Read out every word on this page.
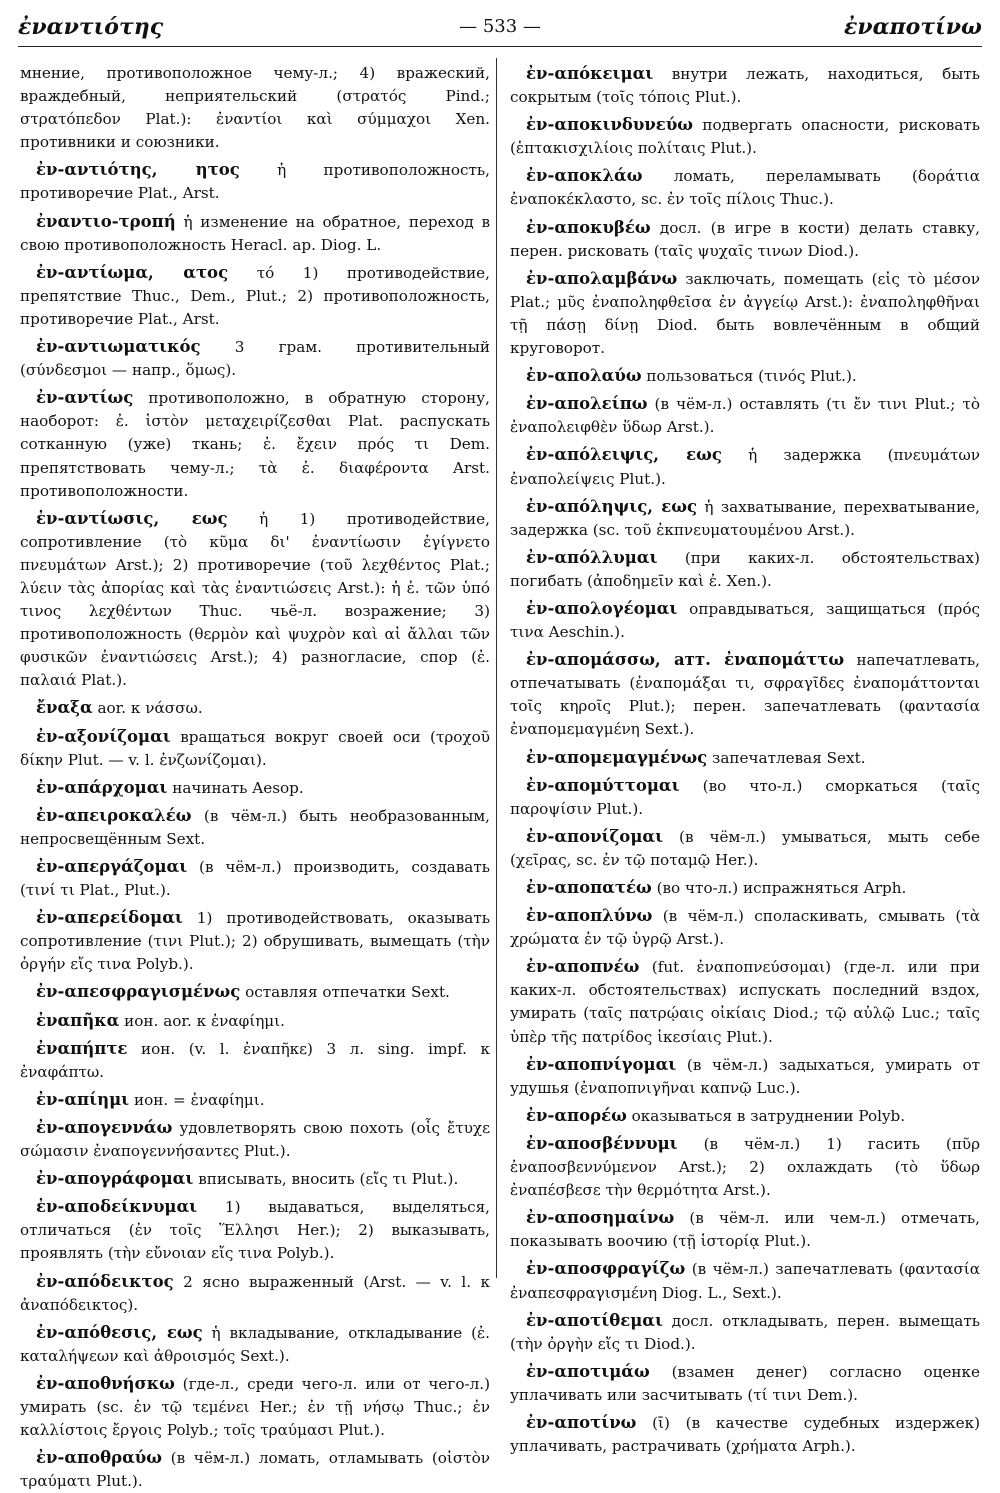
ἐναντιότης	— 533 —	ἐναποτίνω

мнение, противоположное чему-л.; 4) вражеский, враждебный, неприятельский (στρατός Pind.; στρατόπεδον Plat.): ἐναντίοι καὶ σύμμαχοι Xen. противники и союзники.

ἐν-αντιότης, ητος ἡ противоположность, противоречие Plat., Arst.

ἐναντιο-τροπή ἡ изменение на обратное, переход в свою противоположность Heracl. ap. Diog. L.

ἐν-αντίωμα, ατος τό 1) противодействие, препятствие Thuc., Dem., Plut.; 2) противоположность, противоречие Plat., Arst.

ἐν-αντιωματικός 3 грам. противительный (σύνδεσμοι — напр., ὅμως).

ἐν-αντίως противоположно, в обратную сторону, наоборот: ἐ. ἱστὸν μεταχειρίζεσθαι Plat. распускать сотканную (уже) ткань; ἐ. ἔχειν πρός τι Dem. препятствовать чему-л.; τὰ ἐ. διαφέροντα Arst. противоположности.

ἐν-αντίωσις, εως ἡ 1) противодействие, сопротивление (τὸ κῦμα δι' ἐναντίωσιν ἐγίγνετο πνευμάτων Arst.); 2) противоречие (τοῦ λεχθέντος Plat.; λύειν τὰς ἀπορίας καὶ τὰς ἐναντιώσεις Arst.): ἡ ἐ. τῶν ὑπό τινος λεχθέντων Thuc. чьё-л. возражение; 3) противоположность (θερμὸν καὶ ψυχρὸν καὶ αἱ ἄλλαι τῶν φυσικῶν ἐναντιώσεις Arst.); 4) разногласие, спор (ἐ. παλαιά Plat.).

ἔναξα aor. к νάσσω.

ἐν-αξονίζομαι вращаться вокруг своей оси (τροχοῦ δίκην Plut. — v. l. ἐνζωνίζομαι).

ἐν-απάρχομαι начинать Aesop.

ἐν-απειροκαλέω (в чём-л.) быть необразованным, непросвещённым Sext.

ἐν-απεργάζομαι (в чём-л.) производить, создавать (τινί τι Plat., Plut.).

ἐν-απερείδομαι 1) противодействовать, оказывать сопротивление (τινι Plut.); 2) обрушивать, вымещать (τὴν ὀργήν εἴς τινα Polyb.).

ἐν-απεσφραγισμένως оставляя отпечатки Sext.

ἐναπῆκα ион. aor. к ἐναφίημι.

ἐναπήπτε ион. (v. l. ἐναπῆκε) 3 л. sing. impf. к ἐναφάπτω.

ἐν-απίημι ион. = ἐναφίημι.

ἐν-απογεννάω удовлетворять свою похоть (οἷς ἔτυχε σώμασιν ἐναπογεννήσαντες Plut.).

ἐν-απογράφομαι вписывать, вносить (εἴς τι Plut.).

ἐν-αποδείκνυμαι 1) выдаваться, выделяться, отличаться (ἐν τοῖς Ἕλλησι Her.); 2) выказывать, проявлять (τὴν εὔνοιαν εἴς τινα Polyb.).

ἐν-απόδεικτος 2 ясно выраженный (Arst. — v. l. к ἀναπόδεικτος).

ἐν-απόθεσις, εως ἡ вкладывание, откладывание (ἐ. καταλήψεων καὶ ἀθροισμός Sext.).

ἐν-αποθνήσκω (где-л., среди чего-л. или от чего-л.) умирать (sc. ἐν τῷ τεμένει Her.; ἐν τῇ νήσῳ Thuc.; ἐν καλλίστοις ἔργοις Polyb.; τοῖς τραύμασι Plut.).

ἐν-αποθραύω (в чём-л.) ломать, отламывать (οἰστὸν τραύματι Plut.).

ἐν-απόκειμαι внутри лежать, находиться, быть сокрытым (τοῖς τόποις Plut.).

ἐν-αποκινδυνεύω подвергать опасности, рисковать (ἑπτακισχιλίοις πολίταις Plut.).

ἐν-αποκλάω ломать, переламывать (δοράτια ἐναποκέκλαστο, sc. ἐν τοῖς πίλοις Thuc.).

ἐν-αποκυβέω досл. (в игре в кости) делать ставку, перен. рисковать (ταῖς ψυχαῖς τινων Diod.).

ἐν-απολαμβάνω заключать, помещать (εἰς τὸ μέσον Plat.; μῦς ἐναποληφθεῖσα ἐν ἀγγείῳ Arst.): ἐναποληφθῆναι τῇ πάσῃ δίνῃ Diod. быть вовлечённым в общий круговорот.

ἐν-απολαύω пользоваться (τινός Plut.).

ἐν-απολείπω (в чём-л.) оставлять (τι ἔν τινι Plut.; τὸ ἐναπολειφθὲν ὕδωρ Arst.).

ἐν-απόλειψις, εως ἡ задержка (πνευμάτων ἐναπολείψεις Plut.).

ἐν-απόληψις, εως ἡ захватывание, перехватывание, задержка (sc. τοῦ ἐκπνευματουμένου Arst.).

ἐν-απόλλυμαι (при каких-л. обстоятельствах) погибать (ἀποδημεῖν καὶ ἐ. Xen.).

ἐν-απολογέομαι оправдываться, защищаться (πρός τινα Aeschin.).

ἐν-απομάσσω, атт. ἐναπομάττω напечатлевать, отпечатывать (ἐναπομάξαι τι, σφραγῖδες ἐναπομάττονται τοῖς κηροῖς Plut.); перен. запечатлевать (φαντασία ἐναπομεμαγμένη Sext.).

ἐν-απομεμαγμένως запечатлевая Sext.

ἐν-απομύττομαι (во что-л.) сморкаться (ταῖς παροψίσιν Plut.).

ἐν-απονίζομαι (в чём-л.) умываться, мыть себе (χεῖρας, sc. ἐν τῷ ποταμῷ Her.).

ἐν-αποπατέω (во что-л.) испражняться Arph.

ἐν-αποπλύνω (в чём-л.) споласкивать, смывать (τὰ χρώματα ἐν τῷ ὑγρῷ Arst.).

ἐν-αποπνέω (fut. ἐναποπνεύσομαι) (где-л. или при каких-л. обстоятельствах) испускать последний вздох, умирать (ταῖς πατρῴαις οἰκίαις Diod.; τῷ αὐλῷ Luc.; ταῖς ὑπὲρ τῆς πατρίδος ἱκεσίαις Plut.).

ἐν-αποπνίγομαι (в чём-л.) задыхаться, умирать от удушья (ἐναποπνιγῆναι καπνῷ Luc.).

ἐν-απορέω оказываться в затруднении Polyb.

ἐν-αποσβέννυμι (в чём-л.) 1) гасить (πῦρ ἐναποσβεννύμενον Arst.); 2) охлаждать (τὸ ὕδωρ ἐναπέσβεσε τὴν θερμότητα Arst.).

ἐν-αποσημαίνω (в чём-л. или чем-л.) отмечать, показывать воочию (τῇ ἱστορίᾳ Plut.).

ἐν-αποσφραγίζω (в чём-л.) запечатлевать (φαντασία ἐναπεσφραγισμένη Diog. L., Sext.).

ἐν-αποτίθεμαι досл. откладывать, перен. вымещать (τὴν ὀργὴν εἴς τι Diod.).

ἐν-αποτιμάω (взамен денег) согласно оценке уплачивать или засчитывать (τί τινι Dem.).

ἐν-αποτίνω (ῑ) (в качестве судебных издержек) уплачивать, растрачивать (χρήματα Arph.).
